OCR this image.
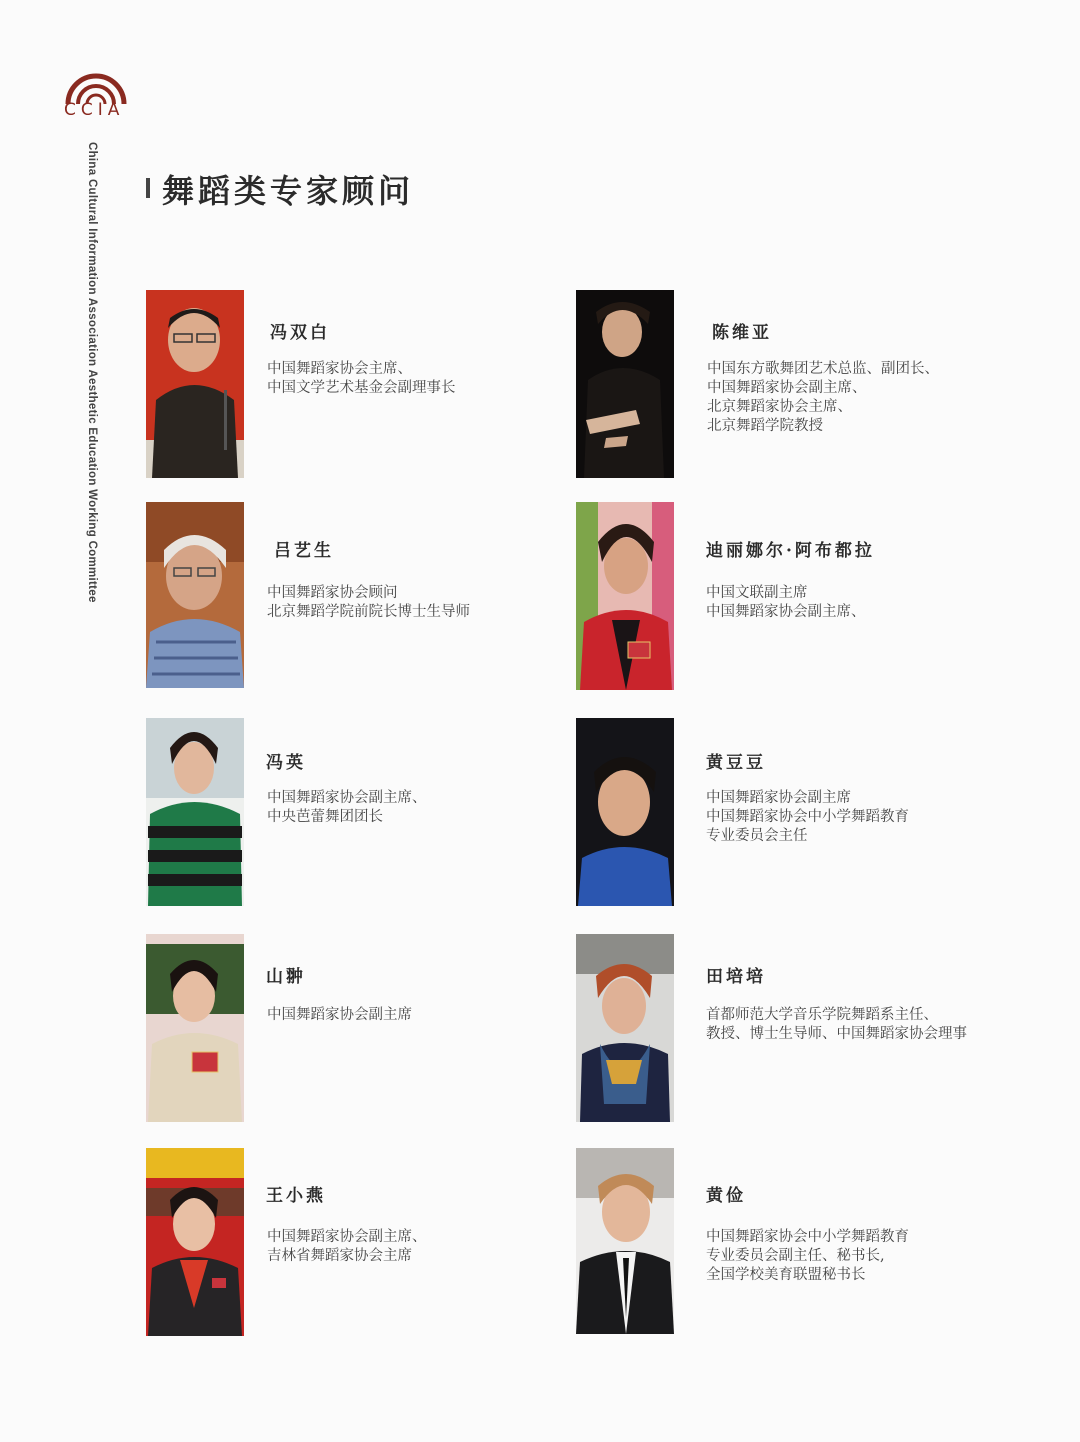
CCIA
China Cultural Information Association Aesthetic Education Working Committee 舞蹈类专家顾问
冯双白
中国舞蹈家协会主席、
中国文学艺术基金会副理事长
陈维亚
中国东方歌舞团艺术总监、副团长、
中国舞蹈家协会副主席、
北京舞蹈家协会主席、
北京舞蹈学院教授
吕艺生
中国舞蹈家协会顾问
北京舞蹈学院前院长博士生导师
迪丽娜尔·阿布都拉
中国文联副主席
中国舞蹈家协会副主席、
冯英
中国舞蹈家协会副主席、
中央芭蕾舞团团长
黄豆豆
中国舞蹈家协会副主席
中国舞蹈家协会中小学舞蹈教育
专业委员会主任
山翀
中国舞蹈家协会副主席
田培培
首都师范大学音乐学院舞蹈系主任、
教授、博士生导师、中国舞蹈家协会理事
王小燕
中国舞蹈家协会副主席、
吉林省舞蹈家协会主席
黄俭
中国舞蹈家协会中小学舞蹈教育
专业委员会副主任、秘书长,
全国学校美育联盟秘书长
